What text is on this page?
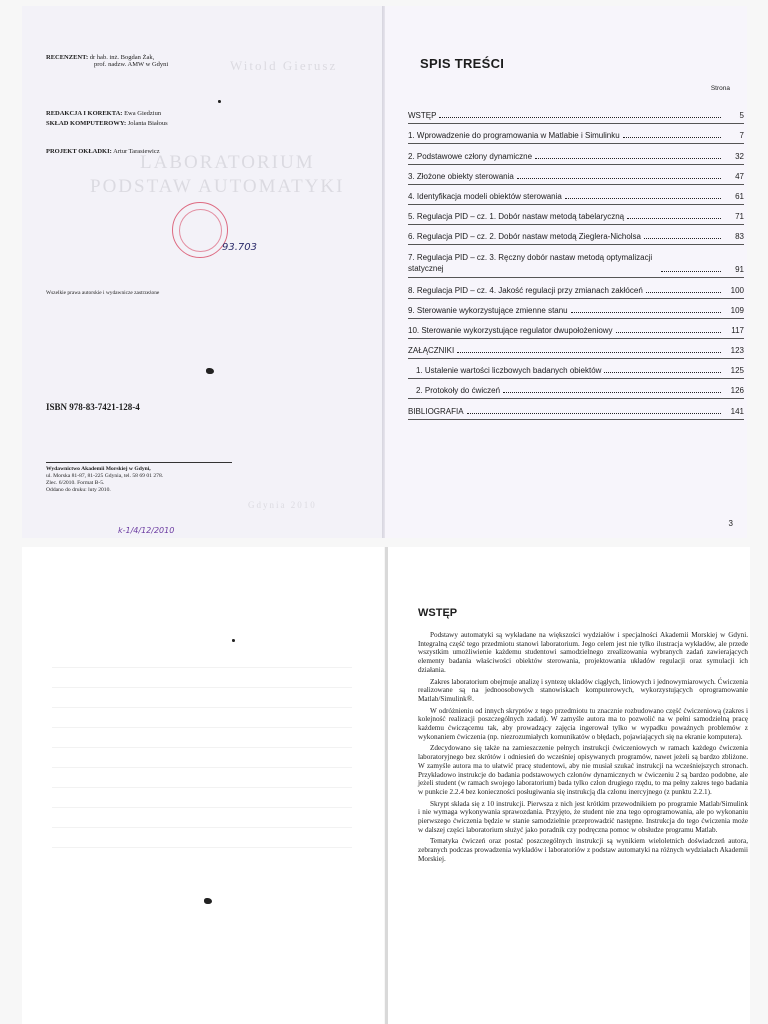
Witold Gierusz
LABORATORIUM
PODSTAW AUTOMATYKI
Gdynia 2010
RECENZENT: dr hab. inż. Bogdan Żak,
prof. nadzw. AMW w Gdyni
REDAKCJA I KOREKTA: Ewa Giedziun
SKŁAD KOMPUTEROWY: Jolanta Białous
PROJEKT OKŁADKI: Artur Tarasiewicz
93.703
Wszelkie prawa autorskie i wydawnicze zastrzeżone
ISBN 978-83-7421-128-4
Wydawnictwo Akademii Morskiej w Gdyni,
ul. Morska 81-87, 81-225 Gdynia, tel. 58 69 01 278.
Zlec. 6/2010. Format B-5.
Oddano do druku: luty 2010.
k-1/4/12/2010
SPIS TREŚCI
Strona
WSTĘP	5
1. Wprowadzenie do programowania w Matlabie i Simulinku	7
2. Podstawowe człony dynamiczne	32
3. Złożone obiekty sterowania	47
4. Identyfikacja modeli obiektów sterowania	61
5. Regulacja PID – cz. 1. Dobór nastaw metodą tabelaryczną	71
6. Regulacja PID – cz. 2. Dobór nastaw metodą Zieglera-Nicholsa	83
7. Regulacja PID – cz. 3. Ręczny dobór nastaw metodą optymalizacji statycznej	91
8. Regulacja PID – cz. 4. Jakość regulacji przy zmianach zakłóceń	100
9. Sterowanie wykorzystujące zmienne stanu	109
10. Sterowanie wykorzystujące regulator dwupołożeniowy	117
ZAŁĄCZNIKI	123
1. Ustalenie wartości liczbowych badanych obiektów	125
2. Protokoły do ćwiczeń	126
BIBLIOGRAFIA	141
3
WSTĘP

Podstawy automatyki są wykładane na większości wydziałów i specjalności Akademii Morskiej w Gdyni. Integralną część tego przedmiotu stanowi laboratorium. Jego celem jest nie tylko ilustracja wykładów, ale przede wszystkim umożliwienie każdemu studentowi samodzielnego zrealizowania wybranych zadań zawierających elementy badania właściwości obiektów sterowania, projektowania układów regulacji oraz symulacji ich działania.

Zakres laboratorium obejmuje analizę i syntezę układów ciągłych, liniowych i jednowymiarowych. Ćwiczenia realizowane są na jednoosobowych stanowiskach komputerowych, wykorzystujących oprogramowanie Matlab/Simulink®.

W odróżnieniu od innych skryptów z tego przedmiotu tu znacznie rozbudowano część ćwiczeniową (zakres i kolejność realizacji poszczególnych zadań). W zamyśle autora ma to pozwolić na w pełni samodzielną pracę każdemu ćwiczącemu tak, aby prowadzący zajęcia ingerował tylko w wypadku poważnych problemów z wykonaniem ćwiczenia (np. niezrozumiałych komunikatów o błędach, pojawiających się na ekranie komputera).

Zdecydowano się także na zamieszczenie pełnych instrukcji ćwiczeniowych w ramach każdego ćwiczenia laboratoryjnego bez skrótów i odniesień do wcześniej opisywanych programów, nawet jeżeli są bardzo zbliżone. W zamyśle autora ma to ułatwić pracę studentowi, aby nie musiał szukać instrukcji na wcześniejszych stronach. Przykładowo instrukcje do badania podstawowych członów dynamicznych w ćwiczeniu 2 są bardzo podobne, ale jeżeli student (w ramach swojego laboratorium) bada tylko człon drugiego rzędu, to ma pełny zakres tego badania w punkcie 2.2.4 bez konieczności posługiwania się instrukcją dla członu inercyjnego (z punktu 2.2.1).

Skrypt składa się z 10 instrukcji. Pierwsza z nich jest krótkim przewodnikiem po programie Matlab/Simulink i nie wymaga wykonywania sprawozdania. Przyjęto, że student nie zna tego oprogramowania, ale po wykonaniu pierwszego ćwiczenia będzie w stanie samodzielnie przeprowadzić następne. Instrukcja do tego ćwiczenia może w dalszej części laboratorium służyć jako poradnik czy podręczna pomoc w obsłudze programu Matlab.

Tematyka ćwiczeń oraz postać poszczególnych instrukcji są wynikiem wieloletnich doświadczeń autora, zebranych podczas prowadzenia wykładów i laboratoriów z podstaw automatyki na różnych wydziałach Akademii Morskiej.
